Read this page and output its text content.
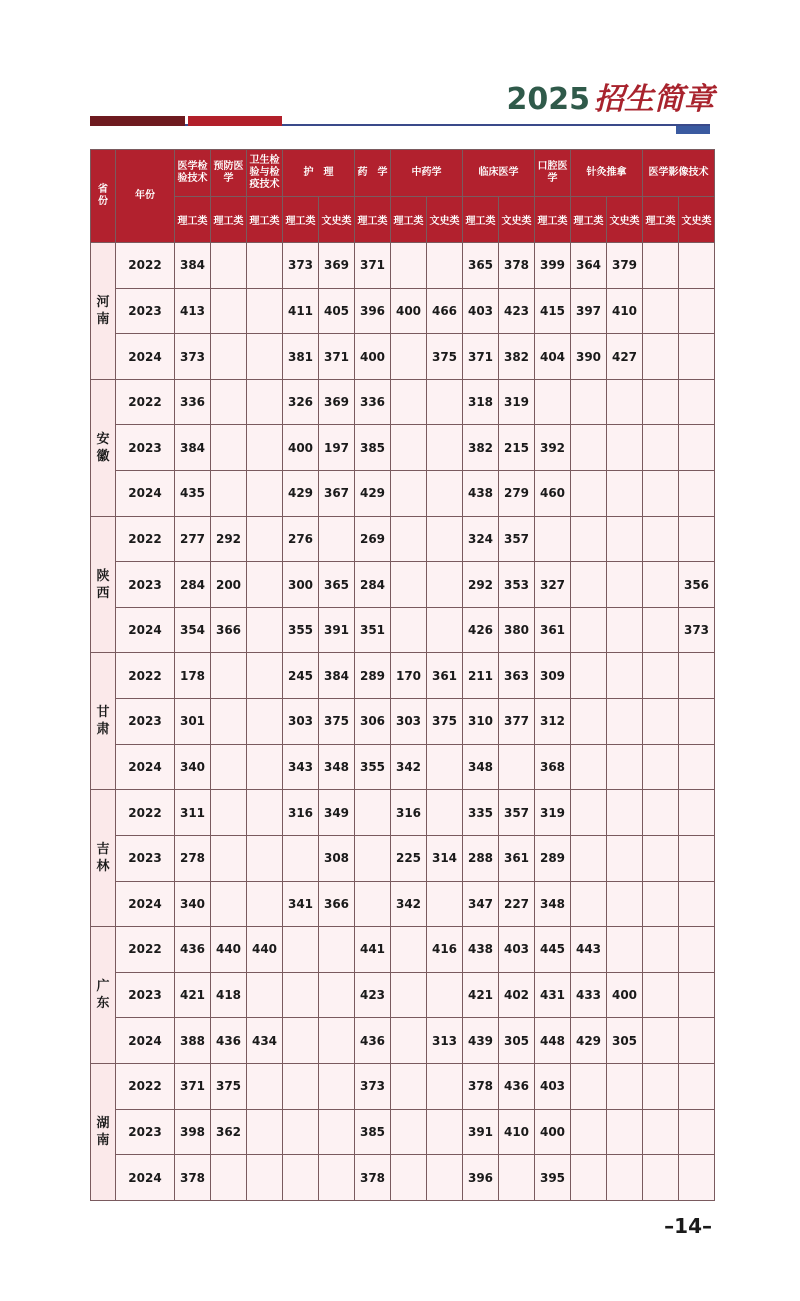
2025 招生简章
省份	年份	医学检验技术	预防医学	卫生检验与检疫技术	护　理		药　学	中药学		临床医学		口腔医学	针灸推拿		医学影像技术	
		理工类	理工类	理工类	理工类	文史类	理工类	理工类	文史类	理工类	文史类	理工类	理工类	文史类	理工类	文史类
河南	2022	384			373	369	371			365	378	399	364	379		
	2023	413			411	405	396	400	466	403	423	415	397	410		
	2024	373			381	371	400		375	371	382	404	390	427		
安徽	2022	336			326	369	336			318	319					
	2023	384			400	197	385			382	215	392				
	2024	435			429	367	429			438	279	460				
陕西	2022	277	292		276		269			324	357					
	2023	284	200		300	365	284			292	353	327				356
	2024	354	366		355	391	351			426	380	361				373
甘肃	2022	178			245	384	289	170	361	211	363	309				
	2023	301			303	375	306	303	375	310	377	312				
	2024	340			343	348	355	342		348		368				
吉林	2022	311			316	349		316		335	357	319				
	2023	278				308		225	314	288	361	289				
	2024	340			341	366		342		347	227	348				
广东	2022	436	440	440			441		416	438	403	445	443			
	2023	421	418				423			421	402	431	433	400		
	2024	388	436	434			436		313	439	305	448	429	305		
湖南	2022	371	375				373			378	436	403				
	2023	398	362				385			391	410	400				
	2024	378					378			396		395				
–14–
